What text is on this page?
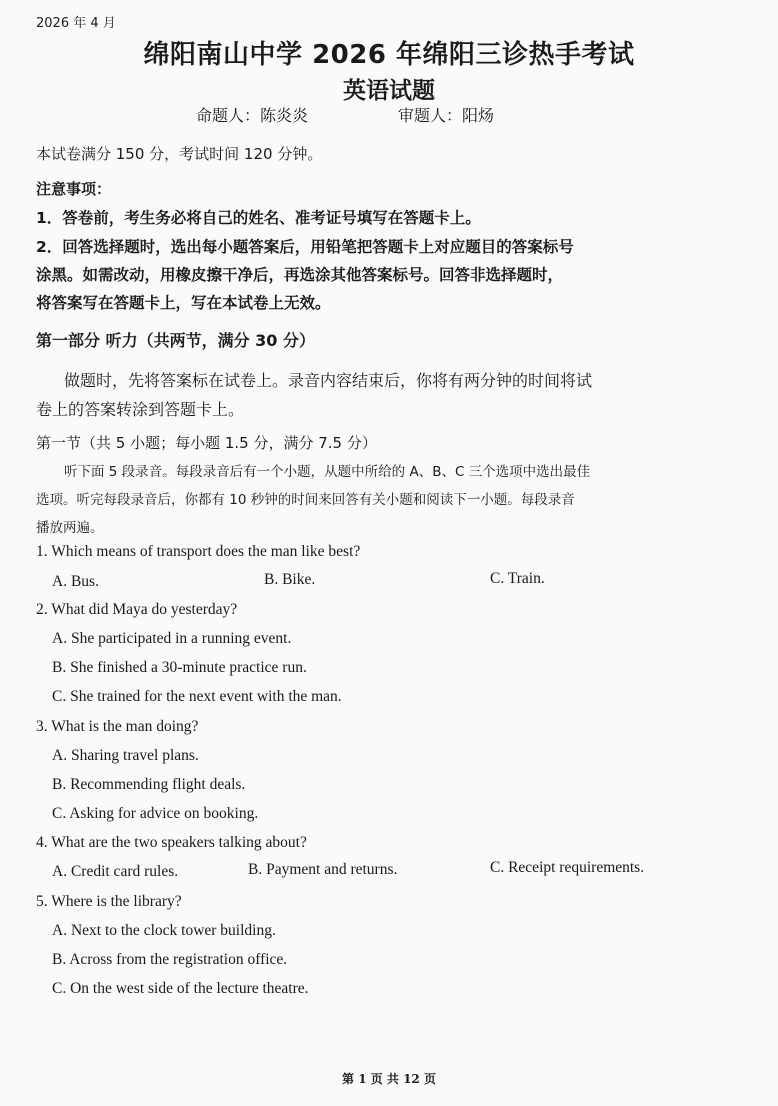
2026 年 4 月
绵阳南山中学 2026 年绵阳三诊热手考试
英语试题
命题人：陈炎炎	审题人：阳炀
本试卷满分 150 分，考试时间 120 分钟。
注意事项：
1．答卷前，考生务必将自己的姓名、准考证号填写在答题卡上。
2．回答选择题时，选出每小题答案后，用铅笔把答题卡上对应题目的答案标号
涂黑。如需改动，用橡皮擦干净后，再选涂其他答案标号。回答非选择题时，
将答案写在答题卡上，写在本试卷上无效。
第一部分 听力（共两节，满分 30 分）
做题时，先将答案标在试卷上。录音内容结束后，你将有两分钟的时间将试
卷上的答案转涂到答题卡上。
第一节（共 5 小题；每小题 1.5 分，满分 7.5 分）
听下面 5 段录音。每段录音后有一个小题，从题中所给的 A、B、C 三个选项中选出最佳
选项。听完每段录音后，你都有 10 秒钟的时间来回答有关小题和阅读下一小题。每段录音
播放两遍。
1. Which means of transport does the man like best?
A. Bus.	B. Bike.	C. Train.
2. What did Maya do yesterday?
A. She participated in a running event.
B. She finished a 30-minute practice run.
C. She trained for the next event with the man.
3. What is the man doing?
A. Sharing travel plans.
B. Recommending flight deals.
C. Asking for advice on booking.
4. What are the two speakers talking about?
A. Credit card rules.	B. Payment and returns.	C. Receipt requirements.
5. Where is the library?
A. Next to the clock tower building.
B. Across from the registration office.
C. On the west side of the lecture theatre.
第 1 页 共 12 页
